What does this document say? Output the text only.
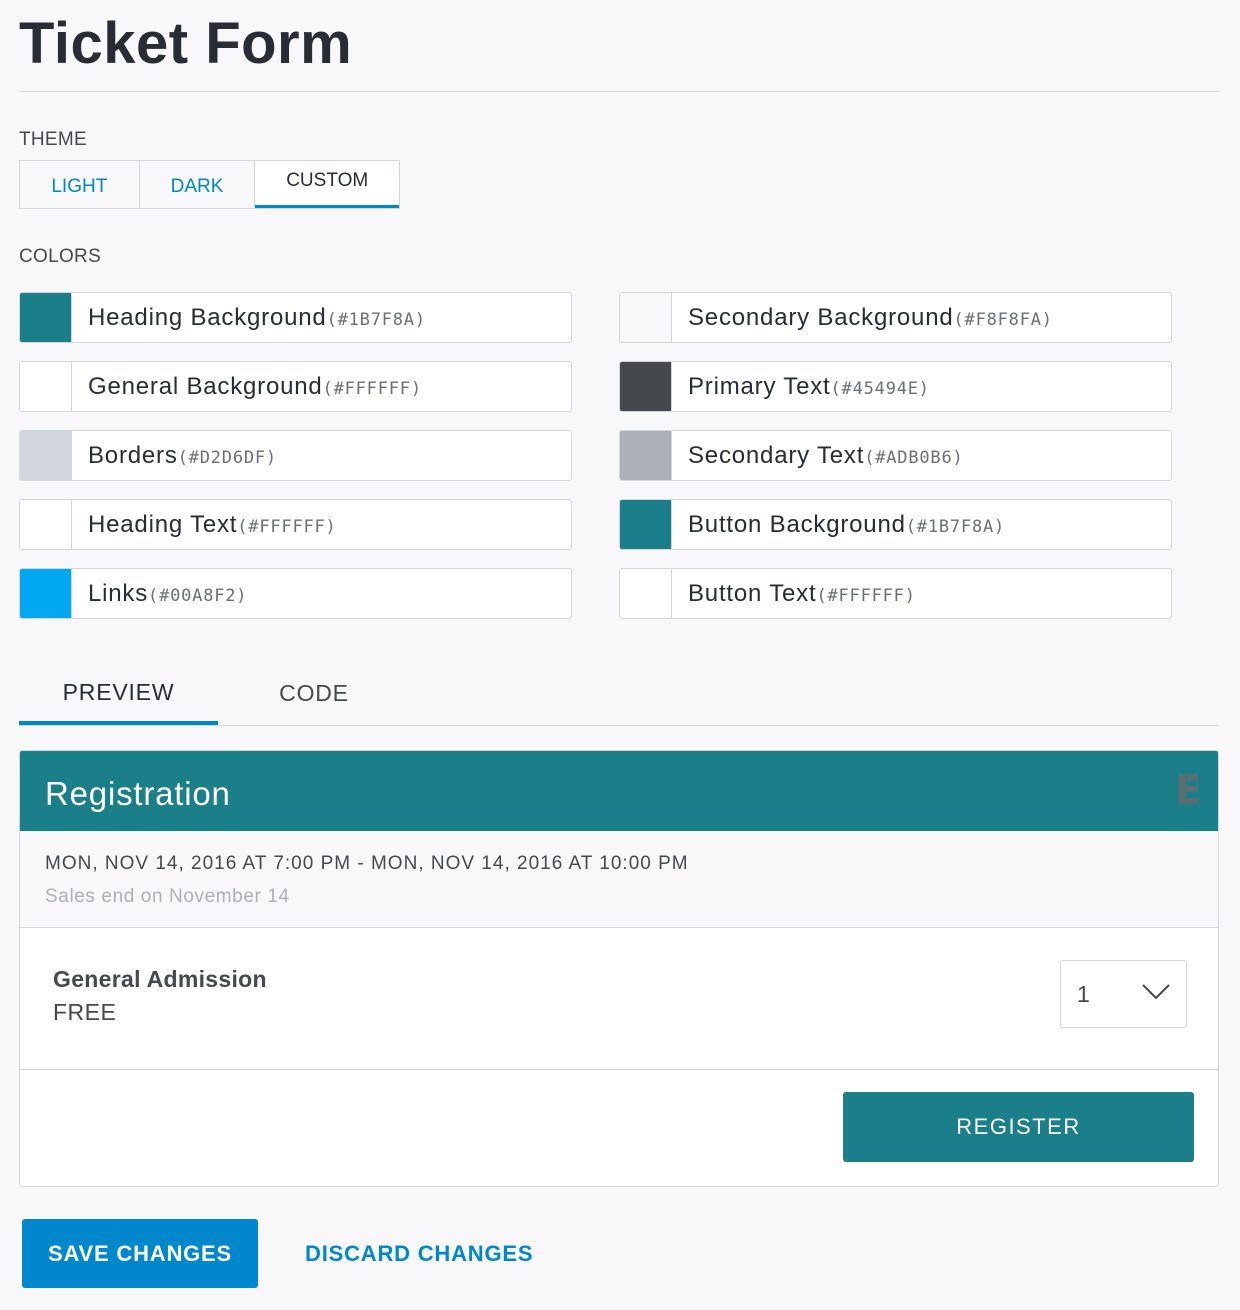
Ticket Form
THEME
LIGHT	DARK	CUSTOM
COLORS
Heading Background (#1B7F8A)
General Background (#FFFFFF)
Borders (#D2D6DF)
Heading Text (#FFFFFF)
Links (#00A8F2)
Secondary Background (#F8F8FA)
Primary Text (#45494E)
Secondary Text (#ADB0B6)
Button Background (#1B7F8A)
Button Text (#FFFFFF)
PREVIEW	CODE
Registration	E
MON, NOV 14, 2016 AT 7:00 PM - MON, NOV 14, 2016 AT 10:00 PM
Sales end on November 14
General Admission
FREE
1
REGISTER
SAVE CHANGES	DISCARD CHANGES
